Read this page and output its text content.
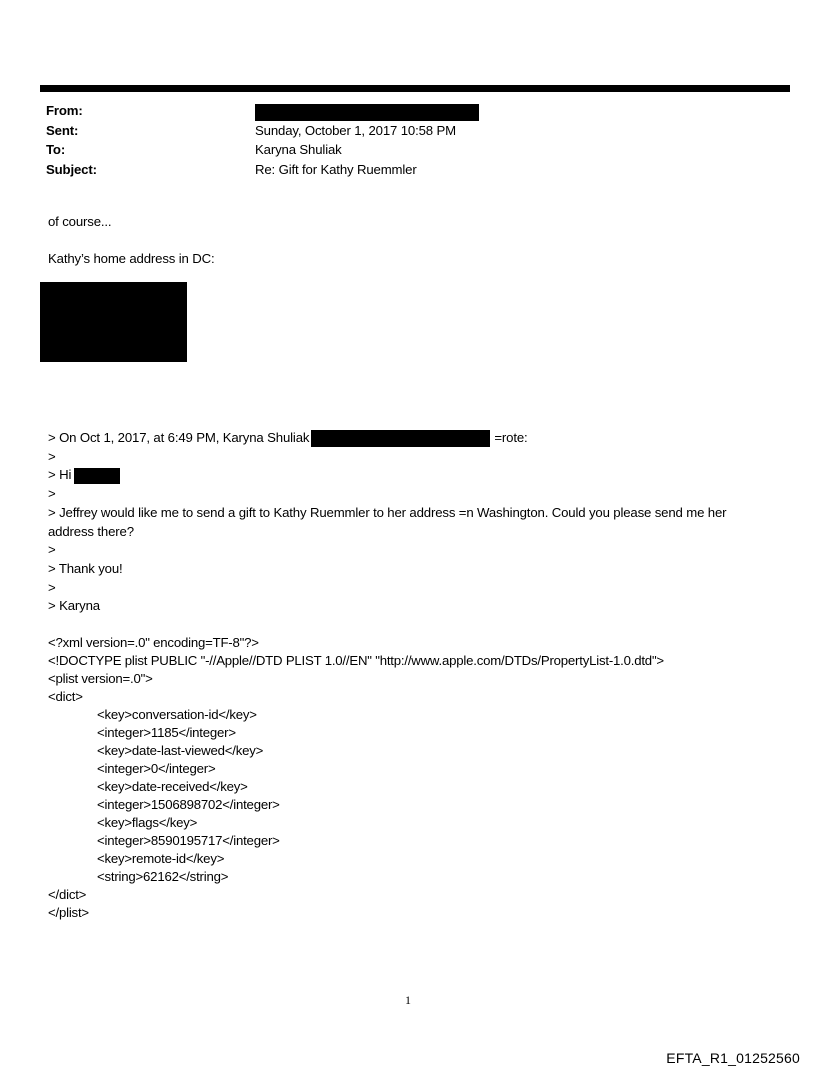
From:
Sent:	Sunday, October 1, 2017 10:58 PM
To:	Karyna Shuliak
Subject:	Re: Gift for Kathy Ruemmler
of course...
Kathy’s home address in DC:
> On Oct 1, 2017, at 6:49 PM, Karyna Shuliak	=rote:
>
> Hi
>
> Jeffrey would like me to send a gift to Kathy Ruemmler to her address =n Washington. Could you please send me her
address there?
>
> Thank you!
>
> Karyna
<?xml version=.0" encoding=TF-8"?>
<!DOCTYPE plist PUBLIC "-//Apple//DTD PLIST 1.0//EN" "http://www.apple.com/DTDs/PropertyList-1.0.dtd">
<plist version=.0">
<dict>
<key>conversation-id</key>
<integer>1185</integer>
<key>date-last-viewed</key>
<integer>0</integer>
<key>date-received</key>
<integer>1506898702</integer>
<key>flags</key>
<integer>8590195717</integer>
<key>remote-id</key>
<string>62162</string>
</dict>
</plist>
1
EFTA_R1_01252560
